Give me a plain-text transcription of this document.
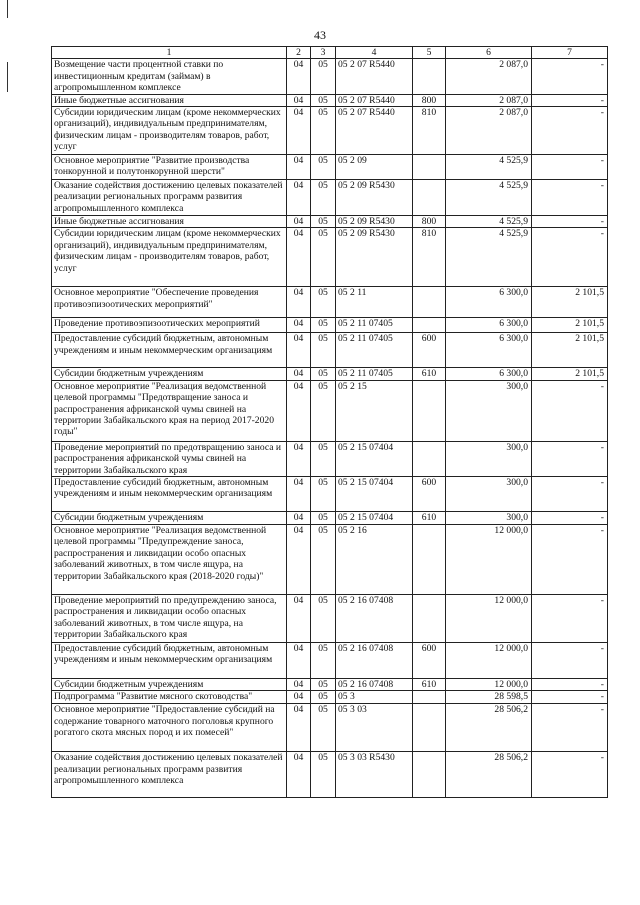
43
1	2	3	4	5	6	7
Возмещение части процентной ставки по инвестиционным кредитам (займам) в агропромышленном комплексе	04	05	05 2 07 R5440		2 087,0	-
Иные бюджетные ассигнования	04	05	05 2 07 R5440	800	2 087,0	-
Субсидии юридическим лицам (кроме некоммерческих организаций), индивидуальным предпринимателям, физическим лицам - производителям товаров, работ, услуг	04	05	05 2 07 R5440	810	2 087,0	-
Основное мероприятие "Развитие производства тонкорунной и полутонкорунной шерсти"	04	05	05 2 09		4 525,9	-
Оказание содействия достижению целевых показателей реализации региональных программ развития агропромышленного комплекса	04	05	05 2 09 R5430		4 525,9	-
Иные бюджетные ассигнования	04	05	05 2 09 R5430	800	4 525,9	-
Субсидии юридическим лицам (кроме некоммерческих организаций), индивидуальным предпринимателям, физическим лицам - производителям товаров, работ, услуг	04	05	05 2 09 R5430	810	4 525,9	-
Основное мероприятие "Обеспечение проведения противоэпизоотических мероприятий"	04	05	05 2 11		6 300,0	2 101,5
Проведение противоэпизоотических мероприятий	04	05	05 2 11 07405		6 300,0	2 101,5
Предоставление субсидий бюджетным, автономным учреждениям и иным некоммерческим организациям	04	05	05 2 11 07405	600	6 300,0	2 101,5
Субсидии бюджетным учреждениям	04	05	05 2 11 07405	610	6 300,0	2 101,5
Основное мероприятие "Реализация ведомственной целевой программы "Предотвращение заноса и распространения африканской чумы свиней на территории Забайкальского края на период 2017-2020 годы"	04	05	05 2 15		300,0	-
Проведение мероприятий по предотвращению заноса и распространения африканской чумы свиней на территории Забайкальского края	04	05	05 2 15 07404		300,0	-
Предоставление субсидий бюджетным, автономным учреждениям и иным некоммерческим организациям	04	05	05 2 15 07404	600	300,0	-
Субсидии бюджетным учреждениям	04	05	05 2 15 07404	610	300,0	-
Основное мероприятие "Реализация ведомственной целевой программы "Предупреждение заноса, распространения и ликвидации особо опасных заболеваний животных, в том числе ящура, на территории Забайкальского края (2018-2020 годы)"	04	05	05 2 16		12 000,0	-
Проведение мероприятий по предупреждению заноса, распространения и ликвидации особо опасных заболеваний животных, в том числе ящура, на территории Забайкальского края	04	05	05 2 16 07408		12 000,0	-
Предоставление субсидий бюджетным, автономным учреждениям и иным некоммерческим организациям	04	05	05 2 16 07408	600	12 000,0	-
Субсидии бюджетным учреждениям	04	05	05 2 16 07408	610	12 000,0	-
Подпрограмма "Развитие мясного скотоводства"	04	05	05 3		28 598,5	-
Основное мероприятие "Предоставление субсидий на содержание товарного маточного поголовья крупного рогатого скота мясных пород и их помесей"	04	05	05 3 03		28 506,2	-
Оказание содействия достижению целевых показателей реализации региональных программ развития агропромышленного комплекса	04	05	05 3 03 R5430		28 506,2	-
